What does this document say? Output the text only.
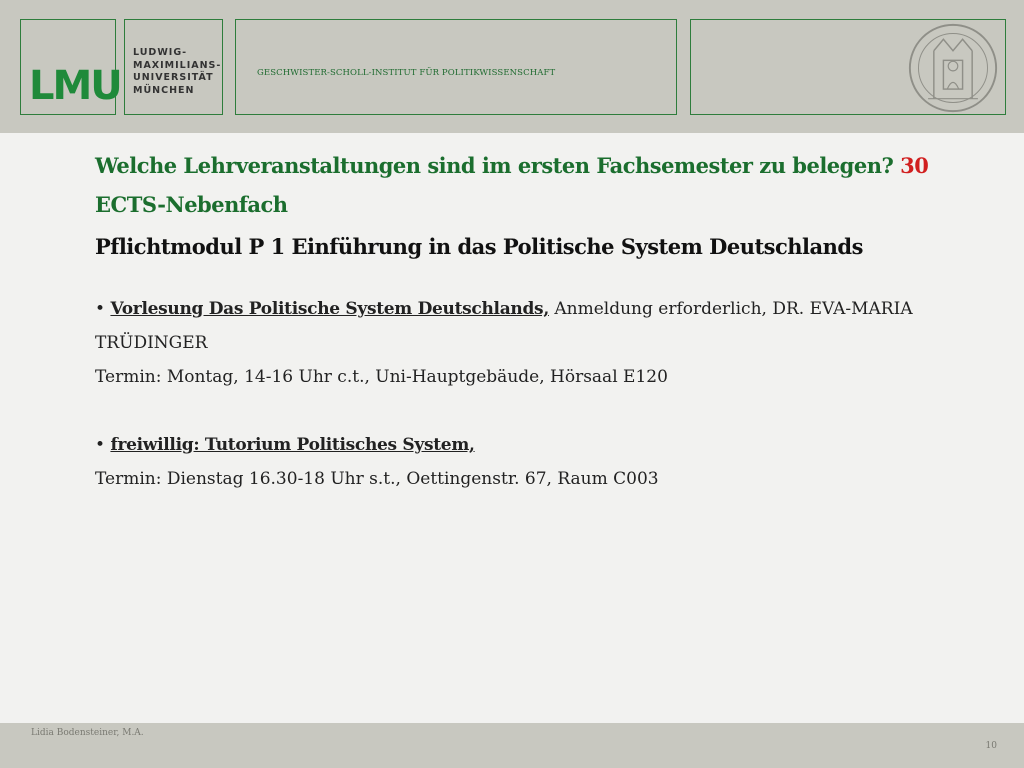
LMU
LUDWIG-
MAXIMILIANS-
UNIVERSITÄT
MÜNCHEN
GESCHWISTER-SCHOLL-INSTITUT FÜR POLITIKWISSENSCHAFT
Welche Lehrveranstaltungen sind im ersten Fachsemester zu belegen? 30 ECTS-Nebenfach
Pflichtmodul P 1 Einführung in das Politische System Deutschlands
• Vorlesung Das Politische System Deutschlands, Anmeldung erforderlich, DR. EVA-MARIA TRÜDINGER
Termin: Montag, 14-16 Uhr c.t., Uni-Hauptgebäude, Hörsaal E120
• freiwillig: Tutorium Politisches System,
Termin: Dienstag 16.30-18 Uhr s.t., Oettingenstr. 67, Raum C003
Lidia Bodensteiner, M.A.
10
